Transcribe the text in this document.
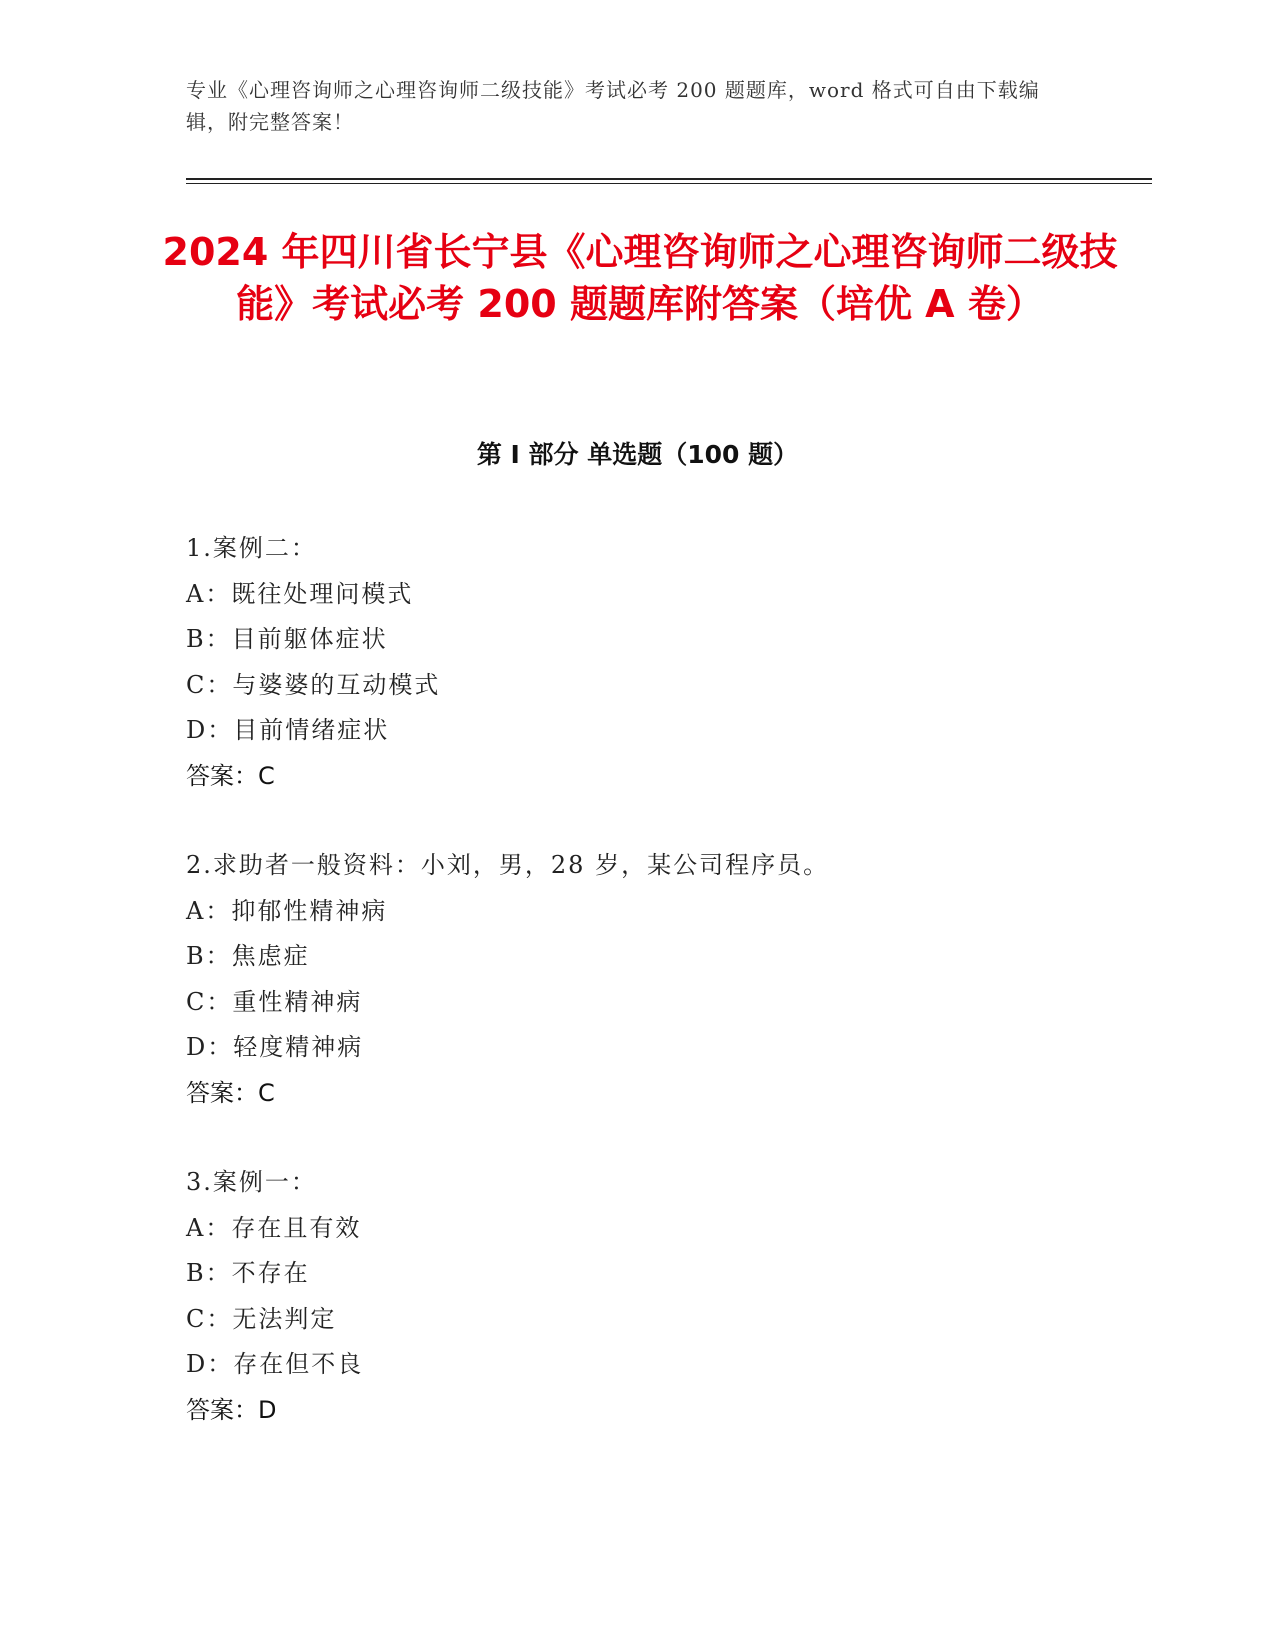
专业《心理咨询师之心理咨询师二级技能》考试必考 200 题题库，word 格式可自由下载编辑，附完整答案！
2024 年四川省长宁县《心理咨询师之心理咨询师二级技能》考试必考 200 题题库附答案（培优 A 卷）
第 I 部分 单选题（100 题）
1.案例二：
A：既往处理问模式
B：目前躯体症状
C：与婆婆的互动模式
D：目前情绪症状
答案：C
2.求助者一般资料：小刘，男，28 岁，某公司程序员。
A：抑郁性精神病
B：焦虑症
C：重性精神病
D：轻度精神病
答案：C
3.案例一：
A：存在且有效
B：不存在
C：无法判定
D：存在但不良
答案：D
